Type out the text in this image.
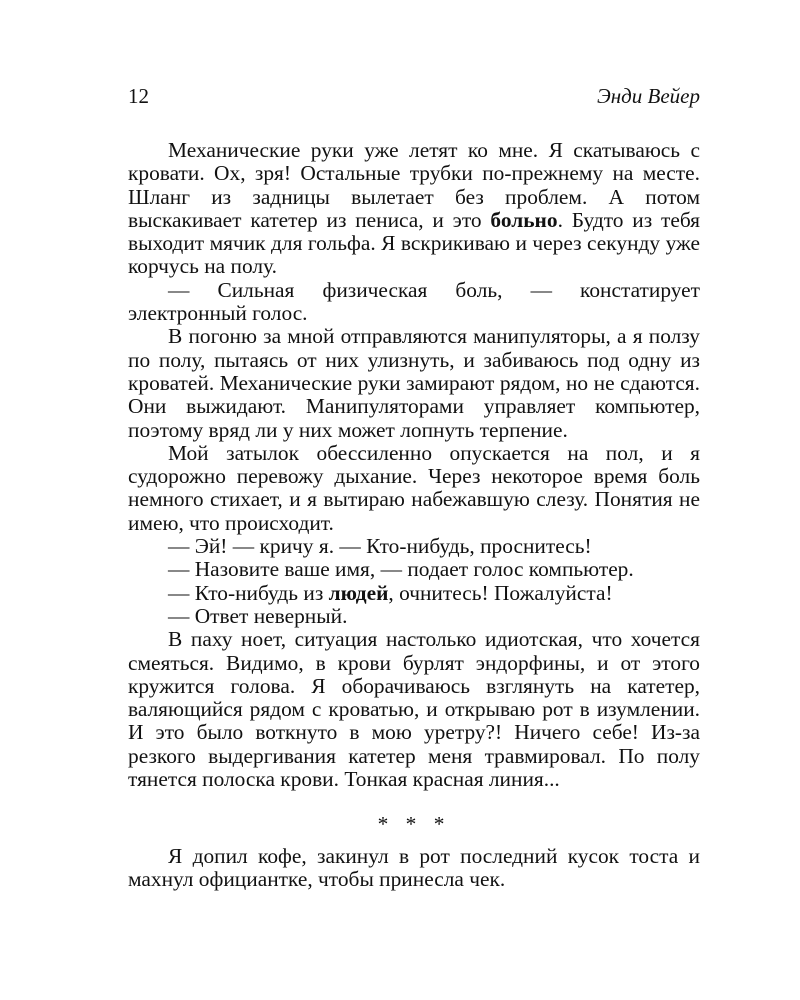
12	Энди Вейер

Механические руки уже летят ко мне. Я скатываюсь с кровати. Ох, зря! Остальные трубки по-прежнему на месте. Шланг из задницы вылетает без проблем. А потом выскакивает катетер из пениса, и это больно. Будто из тебя выходит мячик для гольфа. Я вскрикиваю и через секунду уже корчусь на полу.

— Сильная физическая боль, — констатирует электронный голос.

В погоню за мной отправляются манипуляторы, а я ползу по полу, пытаясь от них улизнуть, и забиваюсь под одну из кроватей. Механические руки замирают рядом, но не сдаются. Они выжидают. Манипуляторами управляет компьютер, поэтому вряд ли у них может лопнуть терпение.

Мой затылок обессиленно опускается на пол, и я судорожно перевожу дыхание. Через некоторое время боль немного стихает, и я вытираю набежавшую слезу. Понятия не имею, что происходит.

— Эй! — кричу я. — Кто-нибудь, проснитесь!

— Назовите ваше имя, — подает голос компьютер.

— Кто-нибудь из людей, очнитесь! Пожалуйста!

— Ответ неверный.

В паху ноет, ситуация настолько идиотская, что хочется смеяться. Видимо, в крови бурлят эндорфины, и от этого кружится голова. Я оборачиваюсь взглянуть на катетер, валяющийся рядом с кроватью, и открываю рот в изумлении. И это было воткнуто в мою уретру?! Ничего себе! Из-за резкого выдергивания катетер меня травмировал. По полу тянется полоска крови. Тонкая красная линия...

* * *

Я допил кофе, закинул в рот последний кусок тоста и махнул официантке, чтобы принесла чек.
